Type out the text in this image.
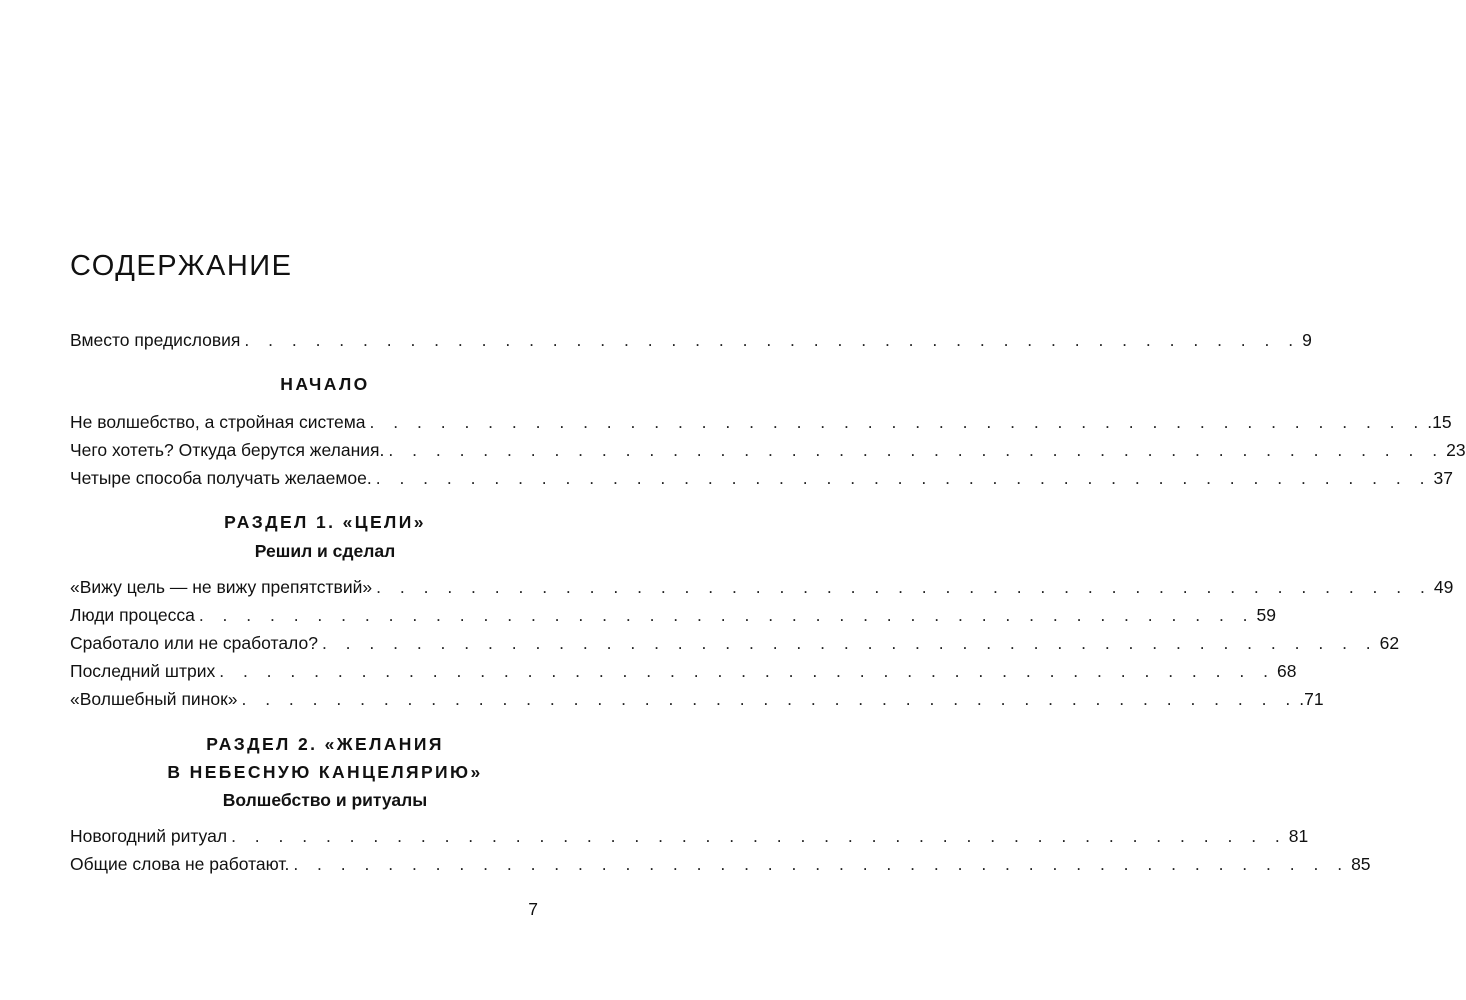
СОДЕРЖАНИЕ
Вместо предисловия . . . . . . . . . . . . . . . . . . . . . . . . . . . . . . . . . . . . . . . . . . . . . 9
НАЧАЛО
Не волшебство, а стройная система . . . . . . . . . . . . . . . . . . . . . . . . . . . . . . . . . . . . . . . . . . . . . .15
Чего хотеть? Откуда берутся желания. . . . . . . . . . . . . . . . . . . . . . . . . . . . . . . . . . . . . . . . . . . . . . 23
Четыре способа получать желаемое. . . . . . . . . . . . . . . . . . . . . . . . . . . . . . . . . . . . . . . . . . . . . . 37
РАЗДЕЛ 1. «ЦЕЛИ»
Решил и сделал
«Вижу цель — не вижу препятствий» . . . . . . . . . . . . . . . . . . . . . . . . . . . . . . . . . . . . . . . . . . . . . 49
Люди процесса . . . . . . . . . . . . . . . . . . . . . . . . . . . . . . . . . . . . . . . . . . . . . 59
Сработало или не сработало? . . . . . . . . . . . . . . . . . . . . . . . . . . . . . . . . . . . . . . . . . . . . . 62
Последний штрих . . . . . . . . . . . . . . . . . . . . . . . . . . . . . . . . . . . . . . . . . . . . . 68
«Волшебный пинок» . . . . . . . . . . . . . . . . . . . . . . . . . . . . . . . . . . . . . . . . . . . . . .71
РАЗДЕЛ 2. «ЖЕЛАНИЯ
В НЕБЕСНУЮ КАНЦЕЛЯРИЮ»
Волшебство и ритуалы
Новогодний ритуал . . . . . . . . . . . . . . . . . . . . . . . . . . . . . . . . . . . . . . . . . . . . . 81
Общие слова не работают. . . . . . . . . . . . . . . . . . . . . . . . . . . . . . . . . . . . . . . . . . . . . . 85
7
